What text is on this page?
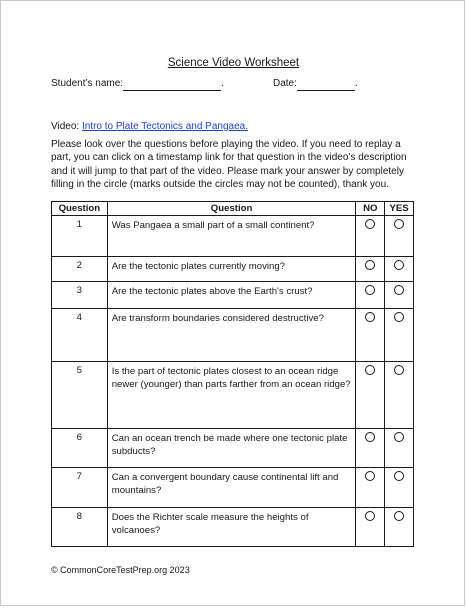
Science Video Worksheet
Student’s name:	.	Date:	.
Video: Intro to Plate Tectonics and Pangaea.
Please look over the questions before playing the video. If you need to replay a part, you can click on a timestamp link for that question in the video’s description and it will jump to that part of the video. Please mark your answer by completely filling in the circle (marks outside the circles may not be counted), thank you.
Question	Question	NO	YES
1	Was Pangaea a small part of a small continent?		
2	Are the tectonic plates currently moving?		
3	Are the tectonic plates above the Earth's crust?		
4	Are transform boundaries considered destructive?		
5	Is the part of tectonic plates closest to an ocean ridge newer (younger) than parts farther from an ocean ridge?		
6	Can an ocean trench be made where one tectonic plate subducts?		
7	Can a convergent boundary cause continental lift and mountains?		
8	Does the Richter scale measure the heights of volcanoes?		
© CommonCoreTestPrep.org 2023
